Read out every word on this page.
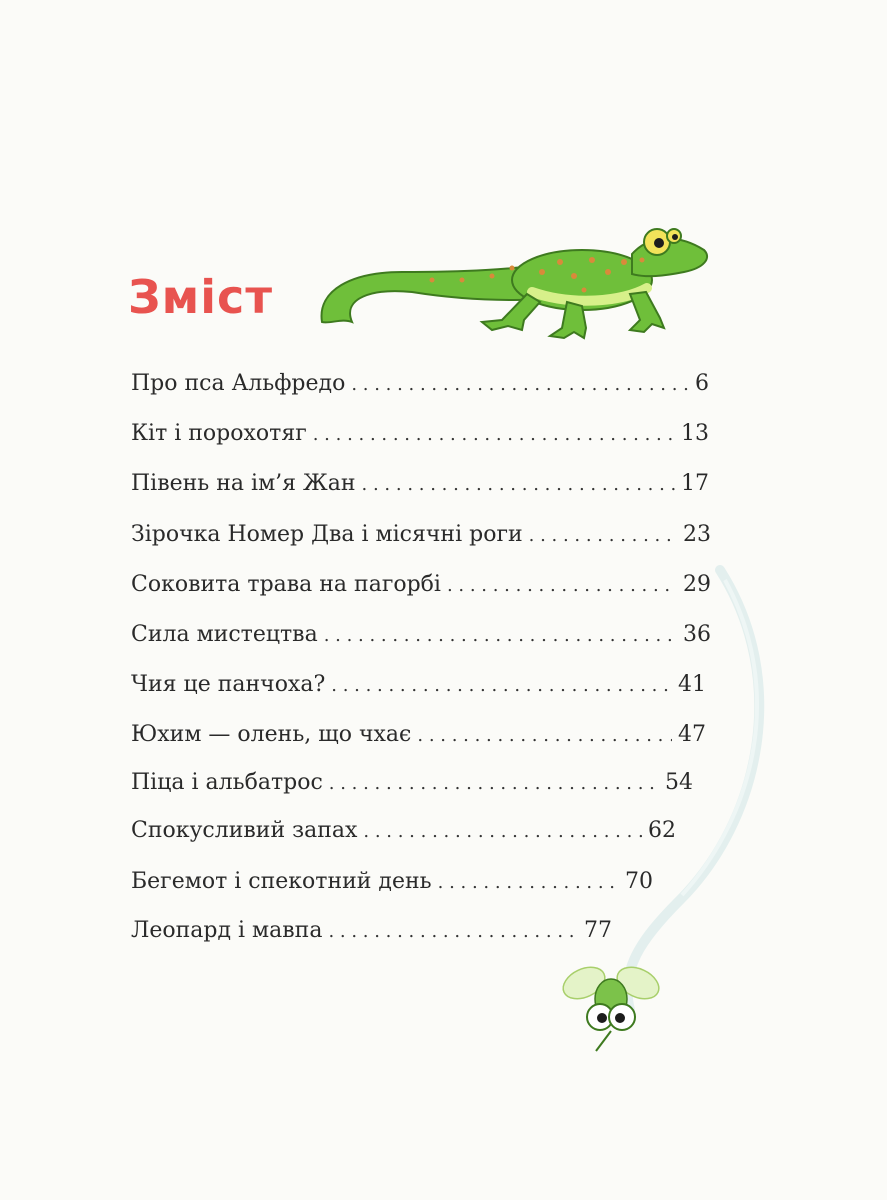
Зміст
Про пса Альфредо . . .	6
Кіт і порохотяг . . .	13
Півень на ім’я Жан . . .	17
Зірочка Номер Два і місячні роги . . .	23
Соковита трава на пагорбі . . .	29
Сила мистецтва . . .	36
Чия це панчоха? . . .	41
Юхим — олень, що чхає . . .	47
Піца і альбатрос . . .	54
Спокусливий запах . . .	62
Бегемот і спекотний день . . .	70
Леопард і мавпа . . .	77
